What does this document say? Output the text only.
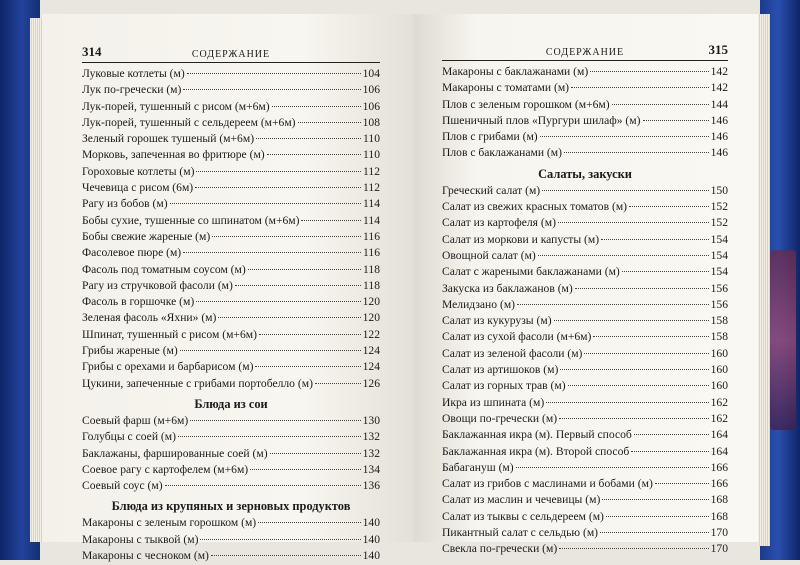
314	СОДЕРЖАНИЕ
Луковые котлеты (м)	104
Лук по-гречески (м)	106
Лук-порей, тушенный с рисом (м+6м)	106
Лук-порей, тушенный с сельдереем (м+6м)	108
Зеленый горошек тушеный (м+6м)	110
Морковь, запеченная во фритюре (м)	110
Гороховые котлеты (м)	112
Чечевица с рисом (6м)	112
Рагу из бобов (м)	114
Бобы сухие, тушенные со шпинатом (м+6м)	114
Бобы свежие жареные (м)	116
Фасолевое пюре (м)	116
Фасоль под томатным соусом (м)	118
Рагу из стручковой фасоли (м)	118
Фасоль в горшочке (м)	120
Зеленая фасоль «Яхни» (м)	120
Шпинат, тушенный с рисом (м+6м)	122
Грибы жареные (м)	124
Грибы с орехами и барбарисом (м)	124
Цукини, запеченные с грибами портобелло (м)	126
Блюда из сои
Соевый фарш (м+6м)	130
Голубцы с соей (м)	132
Баклажаны, фаршированные соей (м)	132
Соевое рагу с картофелем (м+6м)	134
Соевый соус (м)	136
Блюда из крупяных и зерновых продуктов
Макароны с зеленым горошком (м)	140
Макароны с тыквой (м)	140
Макароны с чесноком (м)	140
СОДЕРЖАНИЕ	315
Макароны с баклажанами (м)	142
Макароны с томатами (м)	142
Плов с зеленым горошком (м+6м)	144
Пшеничный плов «Пургури шилаф» (м)	146
Плов с грибами (м)	146
Плов с баклажанами (м)	146
Салаты, закуски
Греческий салат (м)	150
Салат из свежих красных томатов (м)	152
Салат из картофеля (м)	152
Салат из моркови и капусты (м)	154
Овощной салат (м)	154
Салат с жареными баклажанами (м)	154
Закуска из баклажанов (м)	156
Мелидзано (м)	156
Салат из кукурузы (м)	158
Салат из сухой фасоли (м+6м)	158
Салат из зеленой фасоли (м)	160
Салат из артишоков (м)	160
Салат из горных трав (м)	160
Икра из шпината (м)	162
Овощи по-гречески (м)	162
Баклажанная икра (м). Первый способ	164
Баклажанная икра (м). Второй способ	164
Бабагануш (м)	166
Салат из грибов с маслинами и бобами (м)	166
Салат из маслин и чечевицы (м)	168
Салат из тыквы с сельдереем (м)	168
Пикантный салат с сельдью (м)	170
Свекла по-гречески (м)	170
